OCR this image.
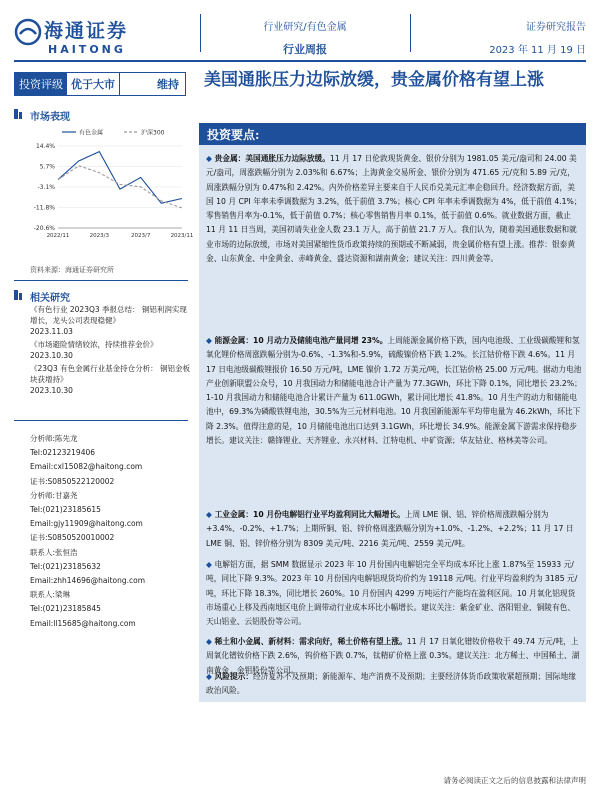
海通证券
HAITONG
行业研究/有色金属
行业周报
证券研究报告
2023 年 11 月 19 日
投资评级 优于大市	维持	美国通胀压力边际放缓，贵金属价格有望上涨
市场表现
有色金属	沪深300
14.4%
5.7%
-3.1%
-11.8%
-20.6%
2022/11	2023/3	2023/7	2023/11
资料来源：海通证券研究所
相关研究
《有色行业 2023Q3 季报总结： 铜铝利润实现增长，龙头公司表现稳健》
2023.11.03
《市场避险情绪较浓，持续推荐金价》
2023.10.30
《23Q3 有色金属行业基金持仓分析： 铜铝金板块获增持》
2023.10.30
分析师:陈先龙
Tel:02123219406
Email:cxl15082@haitong.com
证书:S0850522120002
分析师:甘嘉尧
Tel:(021)23185615
Email:gjy11909@haitong.com
证书:S0850520010002
联系人:张恒浩
Tel:(021)23185632
Email:zhh14696@haitong.com
联系人:梁琳
Tel:(021)23185845
Email:ll15685@haitong.com
投资要点:
◆ 贵金属：美国通胀压力边际放缓。11 月 17 日伦敦现货黄金、银价分别为 1981.05 美元/盎司和 24.00 美元/盎司，周涨跌幅分别为 2.03%和 6.67%；上海黄金交易所金、银价分别为 471.65 元/克和 5.89 元/克，周涨跌幅分别为 0.47%和 2.42%。内外价格差异主要来自于人民币兑美元汇率企稳回升。经济数据方面，美国 10 月 CPI 年率未季调数据为 3.2%，低于前值 3.7%；核心 CPI 年率未季调数据为 4%，低于前值 4.1%；零售销售月率为-0.1%，低于前值 0.7%；核心零售销售月率 0.1%，低于前值 0.6%。就业数据方面，截止 11 月 11 日当周，美国初请失业金人数 23.1 万人，高于前值 21.7 万人。我们认为，随着美国通胀数据和就业市场的边际放缓，市场对美国紧缩性货币政策持续的预期或不断减弱，贵金属价格有望上涨。推荐：银泰黄金、山东黄金、中金黄金、赤峰黄金、盛达资源和湖南黄金；建议关注：四川黄金等。
◆ 能源金属：10 月动力及储能电池产量同增 23%。上周能源金属价格下跌，国内电池级、工业级碳酸锂和氢氧化锂价格周涨跌幅分别为-0.6%、-1.3%和-5.9%，硫酸镍价格下跌 1.2%。长江钴价格下跌 4.6%。11 月 17 日电池级碳酸锂报价 16.50 万元/吨，LME 镍价 1.72 万美元/吨，长江钴价格 25.00 万元/吨。据动力电池产业创新联盟公众号，10 月我国动力和储能电池合计产量为 77.3GWh，环比下降 0.1%，同比增长 23.2%；1-10 月我国动力和储能电池合计累计产量为 611.0GWh，累计同比增长 41.8%。10 月生产的动力和储能电池中，69.3%为磷酸铁锂电池，30.5%为三元材料电池。10 月我国新能源车平均带电量为 46.2kWh，环比下降 2.3%。值得注意的是，10 月储能电池出口达到 3.1GWh，环比增长 34.9%。能源金属下游需求保持稳步增长。建议关注：赣锋锂业、天齐锂业、永兴材料、江特电机、中矿资源；华友钴业、格林美等公司。
◆ 工业金属：10 月份电解铝行业平均盈利同比大幅增长。上周 LME 铜、铝、锌价格周涨跌幅分别为+3.4%、-0.2%、+1.7%；上期所铜、铝、锌价格周涨跌幅分别为+1.0%、-1.2%、+2.2%；11 月 17 日 LME 铜、铝、锌价格分别为 8309 美元/吨、2216 美元/吨、2559 美元/吨。
◆ 电解铝方面，据 SMM 数据显示 2023 年 10 月份国内电解铝完全平均成本环比上涨 1.87%至 15933 元/吨，同比下降 9.3%。2023 年 10 月份国内电解铝现货均价约为 19118 元/吨。行业平均盈利约为 3185 元/吨，环比下降 18.3%，同比增长 260%。10 月份国内 4299 万吨运行产能均在盈利区间。10 月氧化铝现货市场重心上移及西南地区电价上调带动行业成本环比小幅增长。建议关注：紫金矿业、洛阳钼业、铜陵有色、天山铝业、云铝股份等公司。
◆ 稀土和小金属、新材料：需求向好，稀土价格有望上涨。11 月 17 日氧化镨钕价格收于 49.74 万元/吨，上周氧化镨钕价格下跌 2.6%，钨价格下跌 0.7%，钛精矿价格上涨 0.3%。建议关注：北方稀土、中国稀土、湖南黄金、金钼股份等公司。
◆ 风险提示：经济复苏不及预期；新能源车、地产消费不及预期；主要经济体货币政策收紧超预期；国际地缘政治风险。
请务必阅读正文之后的信息披露和法律声明
